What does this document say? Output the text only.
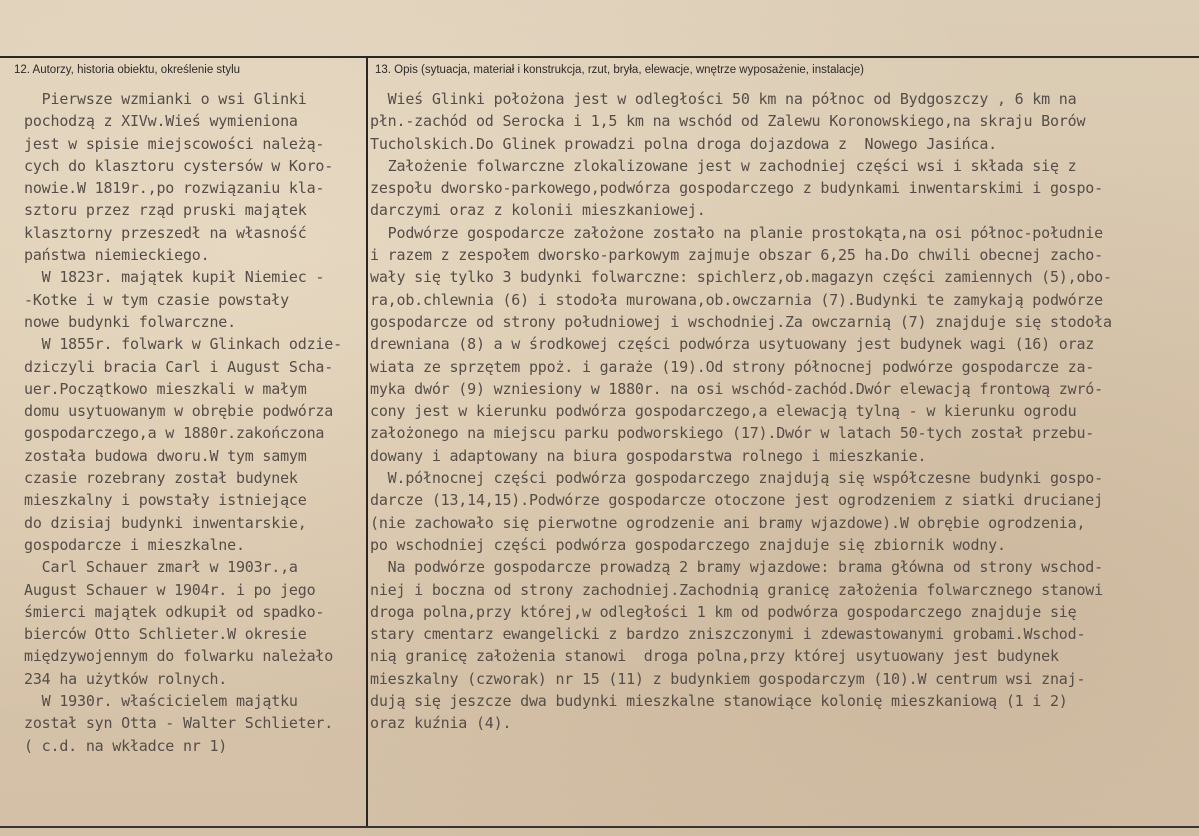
12. Autorzy, historia obiektu, określenie stylu	13. Opis (sytuacja, materiał i konstrukcja, rzut, bryła, elewacje, wnętrze wyposażenie, instalacje)
Pierwsze wzmianki o wsi Glinki
pochodzą z XIVw.Wieś wymieniona
jest w spisie miejscowości należą-
cych do klasztoru cystersów w Koro-
nowie.W 1819r.,po rozwiązaniu kla-
sztoru przez rząd pruski majątek
klasztorny przeszedł na własność
państwa niemieckiego.
W 1823r. majątek kupił Niemiec -
-Kotke i w tym czasie powstały
nowe budynki folwarczne.
W 1855r. folwark w Glinkach odzie-
dziczyli bracia Carl i August Scha-
uer.Początkowo mieszkali w małym
domu usytuowanym w obrębie podwórza
gospodarczego,a w 1880r.zakończona
została budowa dworu.W tym samym
czasie rozebrany został budynek
mieszkalny i powstały istniejące
do dzisiaj budynki inwentarskie,
gospodarcze i mieszkalne.
Carl Schauer zmarł w 1903r.,a
August Schauer w 1904r. i po jego
śmierci majątek odkupił od spadko-
bierców Otto Schlieter.W okresie
międzywojennym do folwarku należało
234 ha użytków rolnych.
W 1930r. właścicielem majątku
został syn Otta - Walter Schlieter.
( c.d. na wkładce nr 1)
Wieś Glinki położona jest w odległości 50 km na północ od Bydgoszczy , 6 km na
płn.-zachód od Serocka i 1,5 km na wschód od Zalewu Koronowskiego,na skraju Borów
Tucholskich.Do Glinek prowadzi polna droga dojazdowa z  Nowego Jasińca.
Założenie folwarczne zlokalizowane jest w zachodniej części wsi i składa się z
zespołu dworsko-parkowego,podwórza gospodarczego z budynkami inwentarskimi i gospo-
darczymi oraz z kolonii mieszkaniowej.
Podwórze gospodarcze założone zostało na planie prostokąta,na osi północ-południe
i razem z zespołem dworsko-parkowym zajmuje obszar 6,25 ha.Do chwili obecnej zacho-
wały się tylko 3 budynki folwarczne: spichlerz,ob.magazyn części zamiennych (5),obo-
ra,ob.chlewnia (6) i stodoła murowana,ob.owczarnia (7).Budynki te zamykają podwórze
gospodarcze od strony południowej i wschodniej.Za owczarnią (7) znajduje się stodoła
drewniana (8) a w środkowej części podwórza usytuowany jest budynek wagi (16) oraz
wiata ze sprzętem ppoż. i garaże (19).Od strony północnej podwórze gospodarcze za-
myka dwór (9) wzniesiony w 1880r. na osi wschód-zachód.Dwór elewacją frontową zwró-
cony jest w kierunku podwórza gospodarczego,a elewacją tylną - w kierunku ogrodu
założonego na miejscu parku podworskiego (17).Dwór w latach 50-tych został przebu-
dowany i adaptowany na biura gospodarstwa rolnego i mieszkanie.
W.północnej części podwórza gospodarczego znajdują się współczesne budynki gospo-
darcze (13,14,15).Podwórze gospodarcze otoczone jest ogrodzeniem z siatki drucianej
(nie zachowało się pierwotne ogrodzenie ani bramy wjazdowe).W obrębie ogrodzenia,
po wschodniej części podwórza gospodarczego znajduje się zbiornik wodny.
Na podwórze gospodarcze prowadzą 2 bramy wjazdowe: brama główna od strony wschod-
niej i boczna od strony zachodniej.Zachodnią granicę założenia folwarcznego stanowi
droga polna,przy której,w odległości 1 km od podwórza gospodarczego znajduje się
stary cmentarz ewangelicki z bardzo zniszczonymi i zdewastowanymi grobami.Wschod-
nią granicę założenia stanowi  droga polna,przy której usytuowany jest budynek
mieszkalny (czworak) nr 15 (11) z budynkiem gospodarczym (10).W centrum wsi znaj-
dują się jeszcze dwa budynki mieszkalne stanowiące kolonię mieszkaniową (1 i 2)
oraz kuźnia (4).
